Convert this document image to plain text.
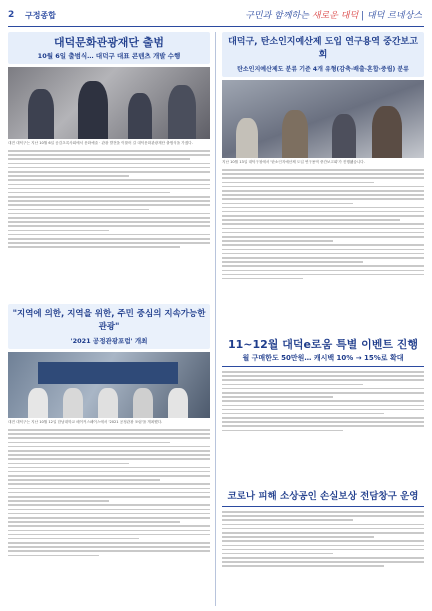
2 구정종합	구민과 함께하는 새로운 대덕 | 대덕 르네상스
대덕문화관광재단 출범
10월 6일 출범식… 대덕구 대표 콘텐츠 개발 수행
대전 대덕구는 지난 10월 6일 공감초록사회에서 문화예술 · 관광 발전을 이룰어 갈 대덕문화관광재단 출범식을 가졌다.
대덕구, 탄소인지예산제 도입 연구용역 중간보고회
탄소인지예산제도 분류 기준 4개 유형(감축·배출·혼합·중립) 분류
지난 10월 13일 대덕구청에서 '탄소인지예산제 도입 연구용역 중간보고회'가 진행됐습니다.
"지역에 의한, 지역을 위한, 주민 중심의 지속가능한 관광"
'2021 공정관광포럼' 개최
대전 대덕구는 지난 10월 12일 한남대학교 메이커스페이스에서 '2021 공정관광 포럼'을 개최했다.
11~12월 대덕e로움 특별 이벤트 진행
월 구매한도 50만원… 캐시백 10% → 15%로 확대
코로나 피해 소상공인 손실보상 전담창구 운영
